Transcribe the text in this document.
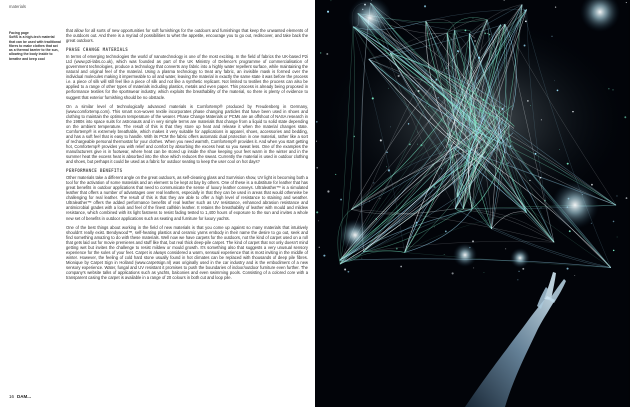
materials
Facing page
SoftS is a high-tech material that can be used with traditional fibres to make clothes that act as a thermal barrier to the sun, allowing the body inside to breathe and keep cool

that allow for all sorts of new opportunities for soft furnishings for the outdoors and furnishings that keep the unwanted elements of the outdoors out. And there is a myriad of possibilities to whet the appetite, encourage you to go out, rediscover, and take back the great outdoors.

PHASE CHANGE MATERIALS

In terms of emerging technologies the world of nanotechnology is one of the most exciting. In the field of fabrics the UK-based P2i Ltd (www.p2i-labs.co.uk), which was founded as part of the UK Ministry of Defence's programme of commercialisation of government technologies, produce a technology that converts any fabric into a highly water repellent surface, while maintaining the natural and original feel of the material. Using a plasma technology to treat any fabric, an invisible mask is formed over the individual molecules making it impermeable to oil and water, leaving the material in exactly the same state it was before the process i.e. a piece of silk will still feel like a piece of silk and not like a synthetic replicant. Not limited to textiles the process can also be applied to a range of other types of materials including plastics, metals and even paper. This process is already being proposed in performance textiles for the sportswear industry, which exploits the breathability of the material, so there is plenty of evidence to suggest that exterior furnishing should be no obstacle.

On a similar level of technologically advanced materials is Comfortemp® produced by Freudenberg in Germany, (www.comfortemp.com). This smart non-woven textile incorporates phase changing particles that have been used in shoes and clothing to maintain the optimum temperature of the wearer. Phase Change Materials or PCMs are an offshoot of NASA research in the 1980s into space suits for astronauts and in very simple terms are materials that change from a liquid to solid state depending on the ambient temperature. The result of this is that they store up heat and release it when the material changes state. Comfortemp® is extremely breathable, which makes it very suitable for applications in apparel, shoes, accessories and bedding, and has a soft feel that is easy to handle. With its PCM the fabric offers automatic dual protection in one material, rather like a sort of rechargeable personal thermostat for your clothes. When you need warmth, Comfortemp® provides it. And when you start getting hot, Comfortemp® provides you with relief and comfort by absorbing the excess heat so you sweat less. One of the examples the manufacturers give is in footwear, where heat can be stored up inside the shoe keeping your feet warm in the winter and in the summer heat the excess heat is absorbed into the shoe which reduces the sweat. Currently the material is used in outdoor clothing and shoes, but perhaps it could be used as a fabric for outdoor seating to keep the user cool on hot days?

PERFORMANCE BENEFITS

Other materials take a different angle on the great outdoors, as self-cleaning glass and SunVision show, UV light is becoming both a tool for the activation of some materials and an element to be kept at bay by others. One of these is a substitute for leather that has great benefits in outdoor applications that need to communicate the sense of luxury leather conveys. Ultraleather™ is a simulated leather that offers a number of advantages over real leathers, especially in that they can be used in areas that would otherwise be challenging for real leather. The result of this is that they are able to offer a high level of resistance to staining and weather. Ultraleather™ offers the added performance benefits of real leather such as UV resistance, enhanced abrasion resistance and antimicrobial grades with a look and feel of the finest calfskin leather. It retains the breathability of leather with mould and mildew resistance, which combined with its light fastness to resist fading tested to 1,400 hours of exposure to the sun and invites a whole new set of benefits in outdoor applications such as seating and furniture for luxury yachts.

One of the best things about working in the field of new materials is that you come up against so many materials that intuitively shouldn't really exist. Bendywood™, self-heating plastics and ceramic yarns embody in their name the desire to go out, seek and find something amazing to do with these materials. Well now we have carpets for the outdoors, not the kind of carpet used on a roll that gets laid out for movie premieres and stuff like that, but real thick deep-pile carpet. The kind of carpet that not only doesn't mind getting wet but invites the challenge to resist mildew or mould growth. It's something also that suggests a very unusual sensory experience for the soles of your feet. Carpet is always considered a warm, sensual experience that is most inviting in the middle of winter. However, the feeling of cold hard stone usually found in hot climates can be replaced with thousands of deep pile fibres. Mionique by Carpet Sign in Holland (www.carpetsign.nl) was originally used in the car industry and is the embodiment of a new sensory experience. Water, fungal and UV resistant it promises to push the boundaries of indoor/outdoor furniture even further. The company's website talks of applications such as yachts, balconies and even swimming pools. Consisting of a colored core with a transparent casing the carpet is available in a range of 20 colours in both cut and loop pile.

16 DAM...
